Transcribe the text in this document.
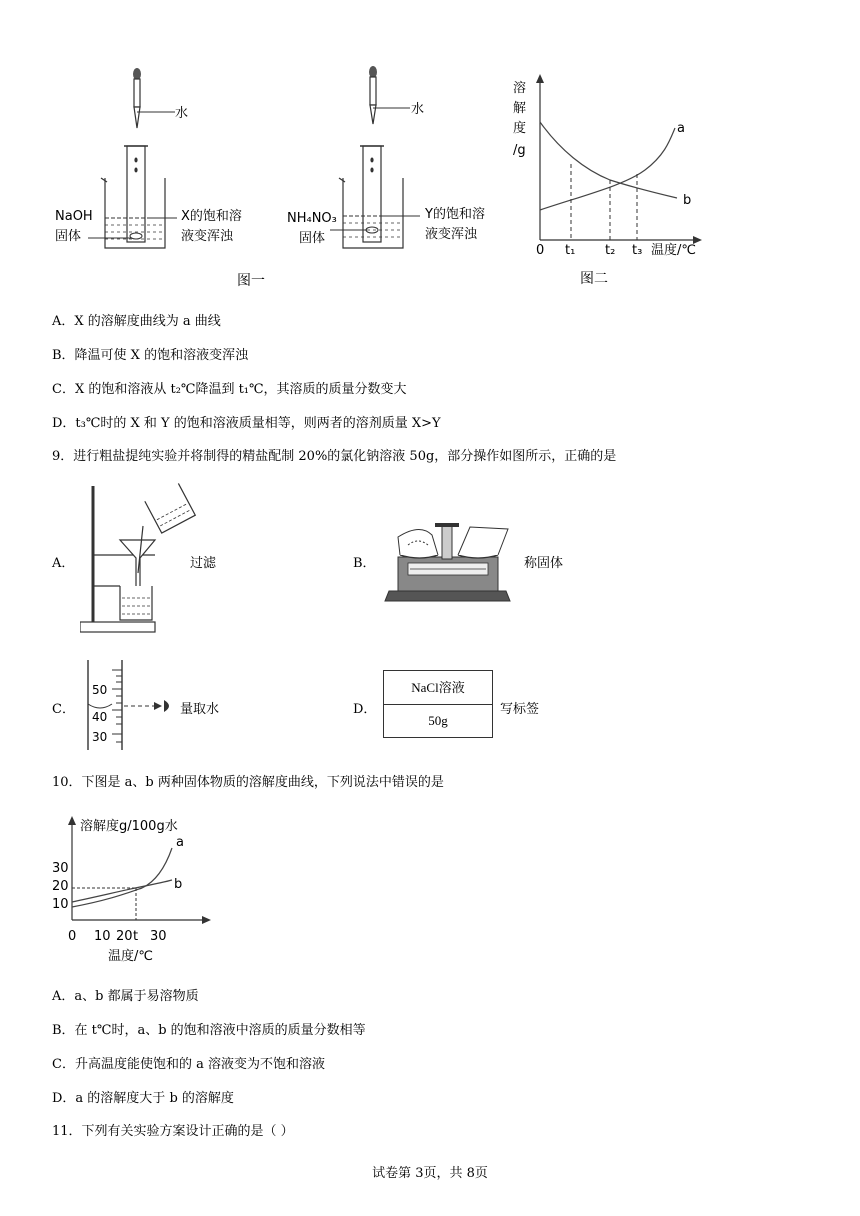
水
NaOH
固体
X的饱和溶
液变浑浊
水
NH₄NO₃
固体
Y的饱和溶
液变浑浊
图一
溶
解
度
/g
a
b
0 t₁ t₂ t₃ 温度/℃
图二
A．X 的溶解度曲线为 a 曲线
B．降温可使 X 的饱和溶液变浑浊
C．X 的饱和溶液从 t₂℃降温到 t₁℃，其溶质的质量分数变大
D．t₃℃时的 X 和 Y 的饱和溶液质量相等，则两者的溶剂质量 X>Y
9．进行粗盐提纯实验并将制得的精盐配制 20%的氯化钠溶液 50g，部分操作如图所示，正确的是
A．	过滤	B．	称固体
C．
50
40
30
量取水	D．
NaCl溶液
50g
写标签
10．下图是 a、b 两种固体物质的溶解度曲线，下列说法中错误的是
溶解度g/100g水
30
20
10
a
b
0 10 20 t 30
温度/℃
A．a、b 都属于易溶物质
B．在 t℃时，a、b 的饱和溶液中溶质的质量分数相等
C．升高温度能使饱和的 a 溶液变为不饱和溶液
D．a 的溶解度大于 b 的溶解度
11．下列有关实验方案设计正确的是（ ）
试卷第 3页，共 8页
